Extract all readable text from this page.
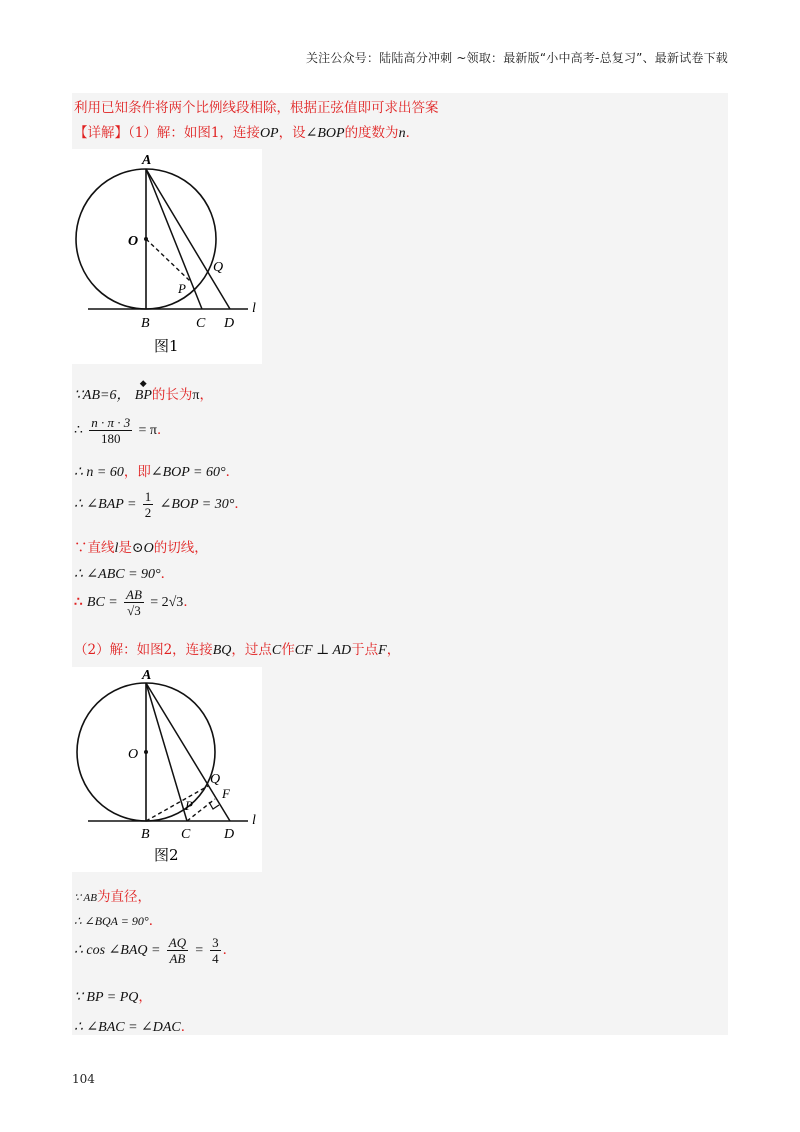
关注公众号：陆陆高分冲刺 ~领取：最新版“小中高考-总复习”、最新试卷下载
利用已知条件将两个比例线段相除，根据正弦值即可求出答案
【详解】（1）解：如图1，连接OP，设∠BOP的度数为n．
A
O
P
Q
B	C D
l
图1
∵AB=6，
◆
BP的长为π，
∴ $\frac{n \cdot \pi \cdot 3}{180} = \pi$．
∴ n = 60，即∠BOP = 60°．
∴ ∠BAP = $\frac{1}{2}$ ∠BOP = 30°．
∵直线l是⊙O的切线，
∴ ∠ABC = 90°．
∴ BC = $\frac{AB}{√3} = 2√3$．
（2）解：如图2，连接BQ，过点C作CF ⊥ AD于点F，
A
O
P
Q
F
B C D
l
图2
∵ AB为直径，
∴ ∠BQA = 90°．
∴ cos ∠BAQ = $\frac{AQ}{AB} = \frac{3}{4}$ ．
∵ BP = PQ，
∴ ∠BAC = ∠DAC．
104
